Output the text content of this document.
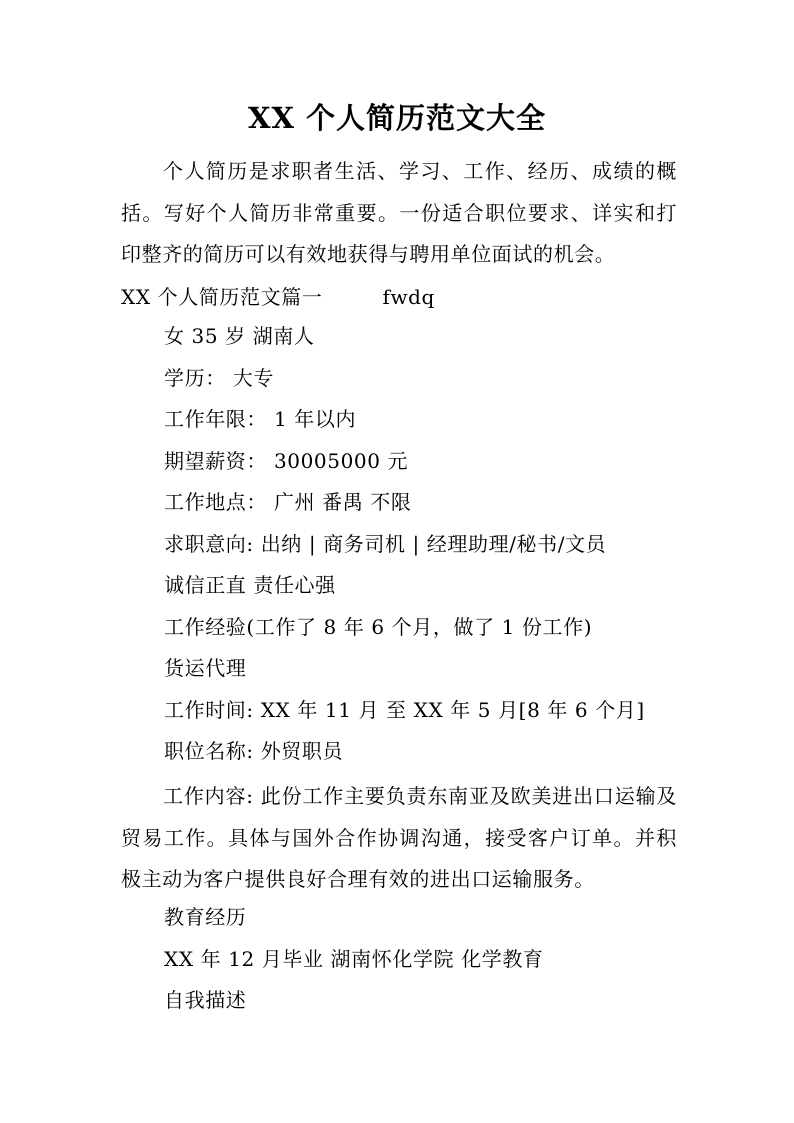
XX 个人简历范文大全
个人简历是求职者生活、学习、工作、经历、成绩的概括。写好个人简历非常重要。一份适合职位要求、详实和打印整齐的简历可以有效地获得与聘用单位面试的机会。
XX 个人简历范文篇一	fwdq
女 35 岁 湖南人
学历： 大专
工作年限： 1 年以内
期望薪资： 30005000 元
工作地点： 广州 番禺 不限
求职意向: 出纳 | 商务司机 | 经理助理/秘书/文员
诚信正直 责任心强
工作经验(工作了 8 年 6 个月，做了 1 份工作)
货运代理
工作时间: XX 年 11 月 至 XX 年 5 月[8 年 6 个月]
职位名称: 外贸职员
工作内容: 此份工作主要负责东南亚及欧美进出口运输及贸易工作。具体与国外合作协调沟通，接受客户订单。并积极主动为客户提供良好合理有效的进出口运输服务。
教育经历
XX 年 12 月毕业 湖南怀化学院 化学教育
自我描述
